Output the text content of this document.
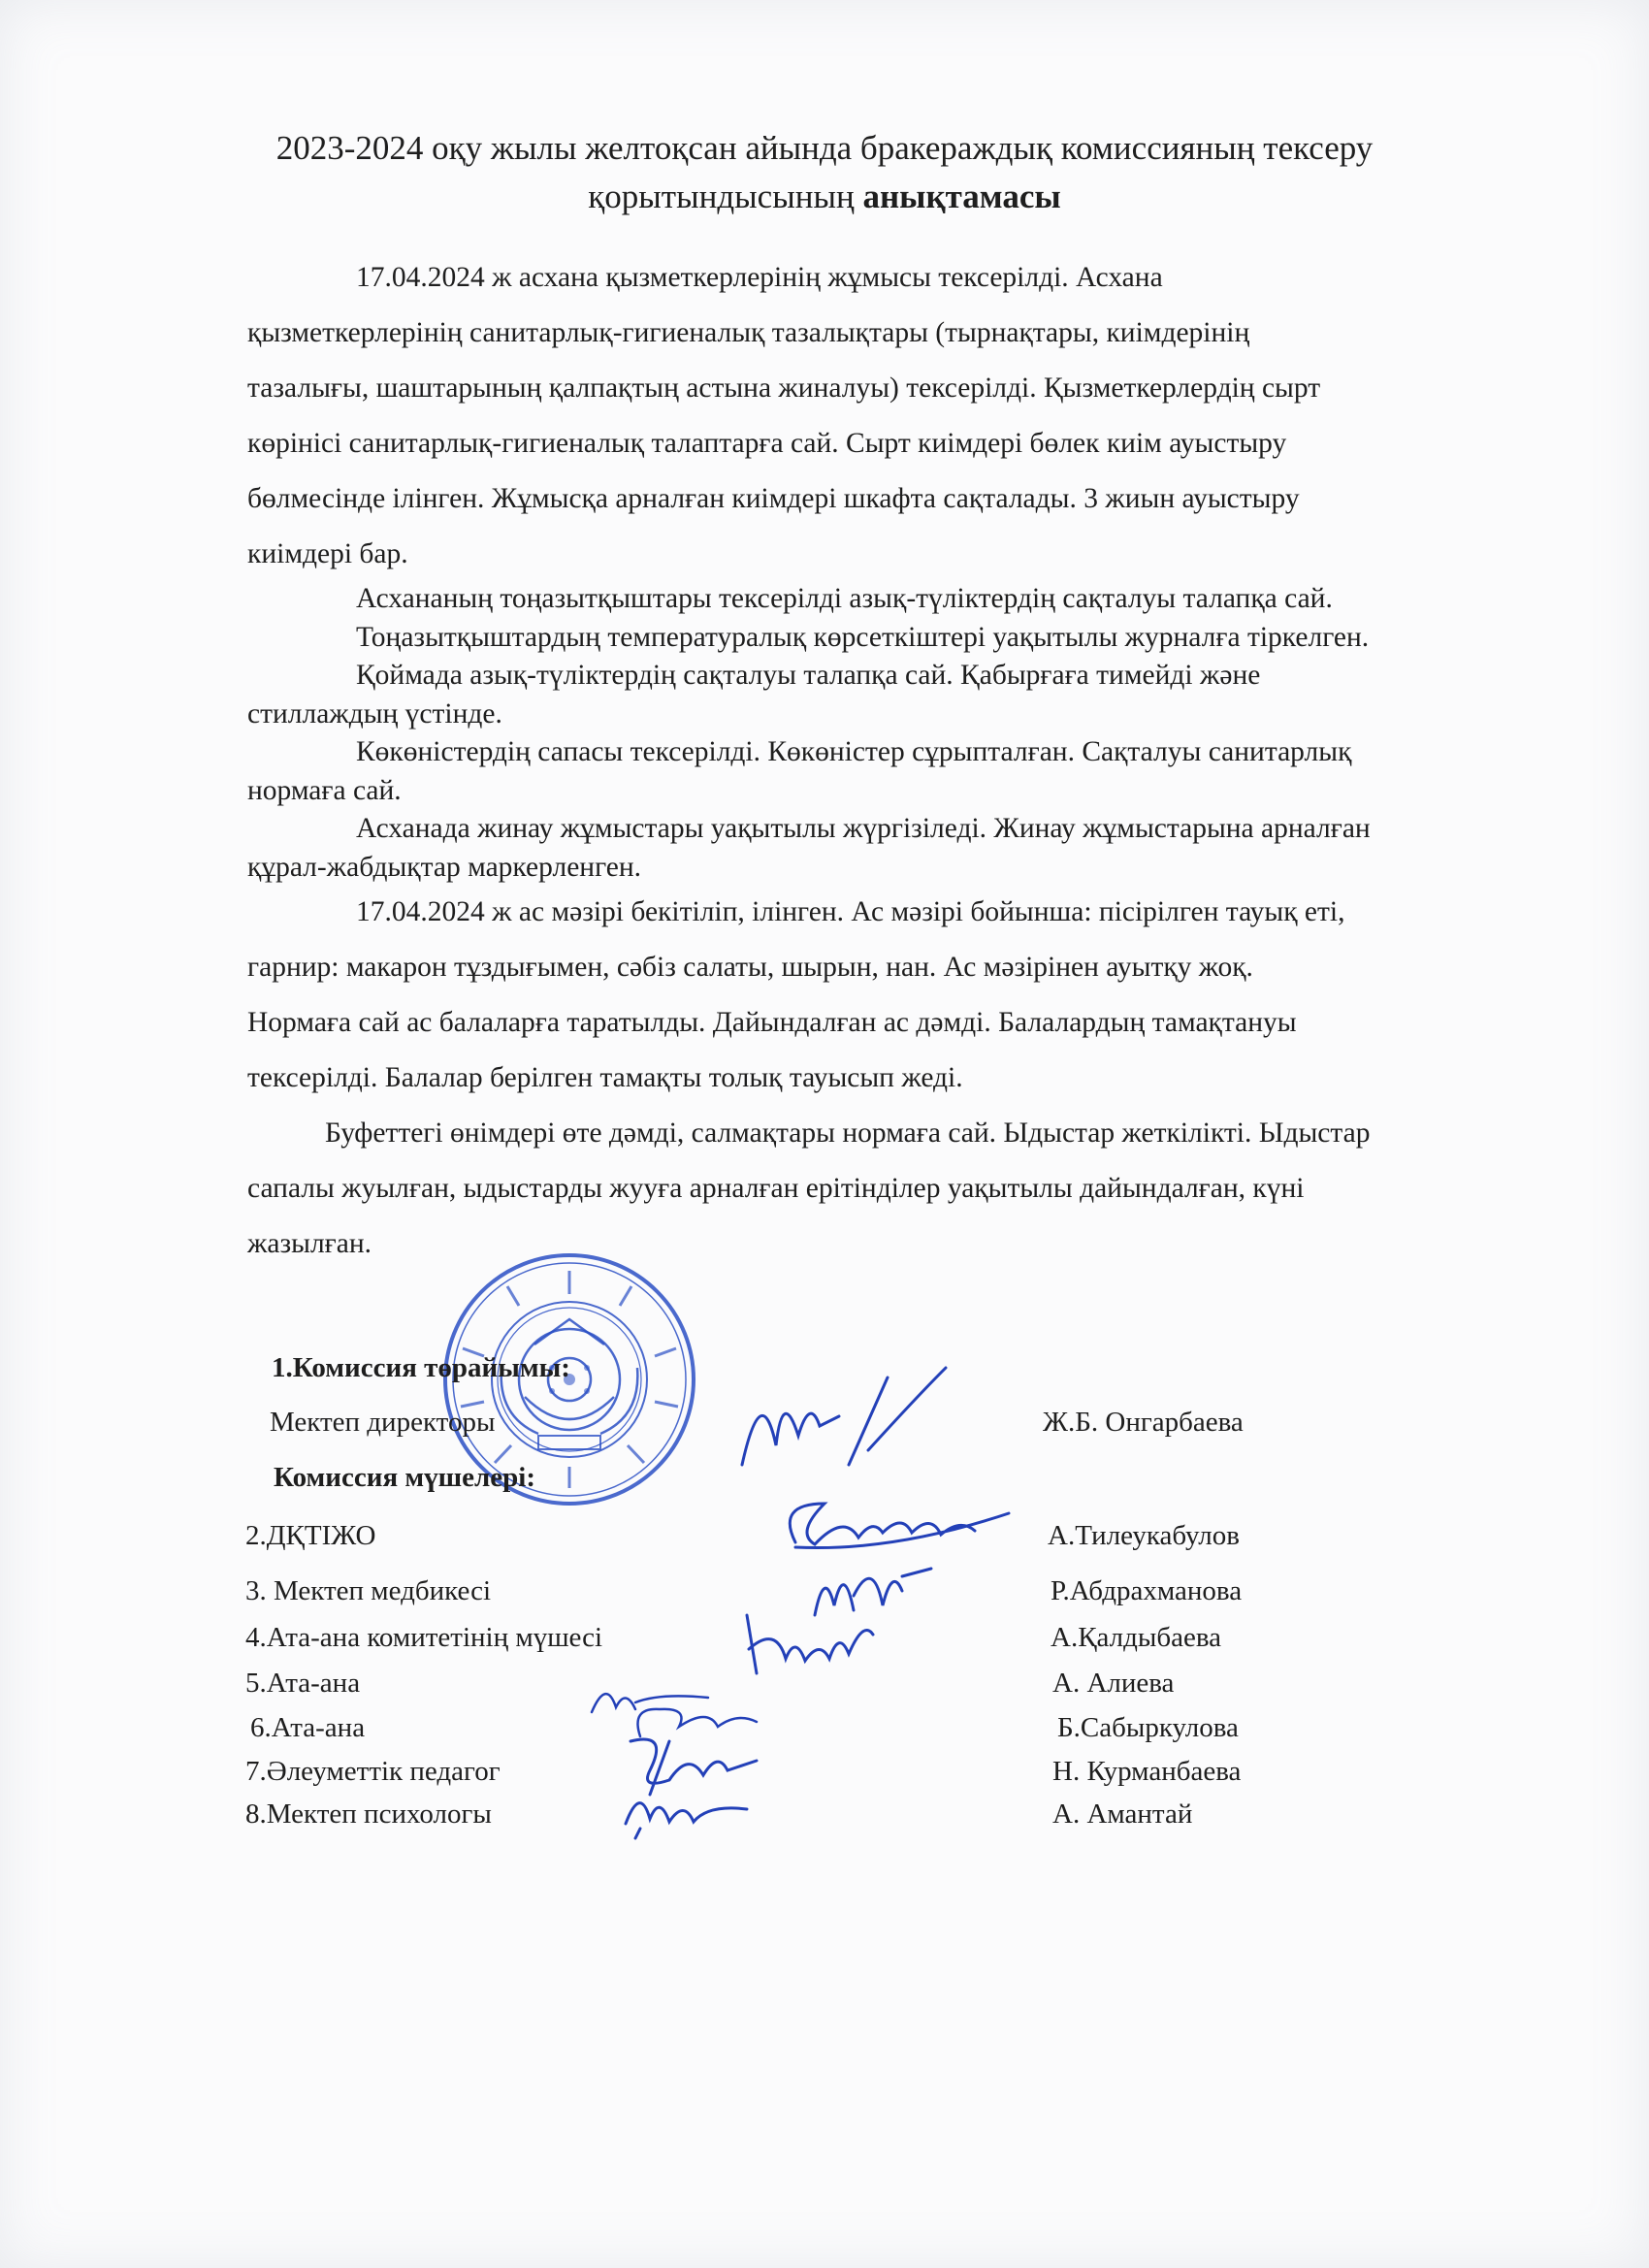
2023-2024 оқу жылы желтоқсан айында бракераждық комиссияның тексеру
қорытындысының анықтамасы
17.04.2024 ж асхана қызметкерлерінің жұмысы тексерілді. Асхана
қызметкерлерінің санитарлық-гигиеналық тазалықтары (тырнақтары, киімдерінің
тазалығы, шаштарының қалпақтың астына жиналуы) тексерілді. Қызметкерлердің сырт
көрінісі санитарлық-гигиеналық талаптарға сай. Сырт киімдері бөлек киім ауыстыру
бөлмесінде ілінген. Жұмысқа арналған киімдері шкафта сақталады. 3 жиын ауыстыру
киімдері бар.
Асхананың тоңазытқыштары тексерілді азық-түліктердің сақталуы талапқа сай.
Тоңазытқыштардың температуралық көрсеткіштері уақытылы журналға тіркелген.
Қоймада азық-түліктердің сақталуы талапқа сай. Қабырғаға тимейді және
стиллаждың үстінде.
Көкөністердің сапасы тексерілді. Көкөністер сұрыпталған. Сақталуы санитарлық
нормаға сай.
Асханада жинау жұмыстары уақытылы жүргізіледі. Жинау жұмыстарына арналған
құрал-жабдықтар маркерленген.
17.04.2024 ж ас мәзірі бекітіліп, ілінген. Ас мәзірі бойынша: пісірілген тауық еті,
гарнир: макарон тұздығымен, сәбіз салаты, шырын, нан. Ас мәзірінен ауытқу жоқ.
Нормаға сай ас балаларға таратылды. Дайындалған ас дәмді. Балалардың тамақтануы
тексерілді. Балалар берілген тамақты толық тауысып жеді.
Буфеттегі өнімдері өте дәмді, салмақтары нормаға сай. Ыдыстар жеткілікті. Ыдыстар
сапалы жуылған, ыдыстарды жууға арналған ерітінділер уақытылы дайындалған, күні
жазылған.
1.Комиссия төрайымы:
Мектеп директоры	Ж.Б. Онгарбаева
Комиссия мүшелері:
2.ДҚТІЖО	А.Тилеукабулов
3. Мектеп медбикесі	Р.Абдрахманова
4.Ата-ана комитетінің мүшесі	А.Қалдыбаева
5.Ата-ана	А. Алиева
6.Ата-ана	Б.Сабыркулова
7.Әлеуметтік педагог	Н. Курманбаева
8.Мектеп психологы	А. Амантай
